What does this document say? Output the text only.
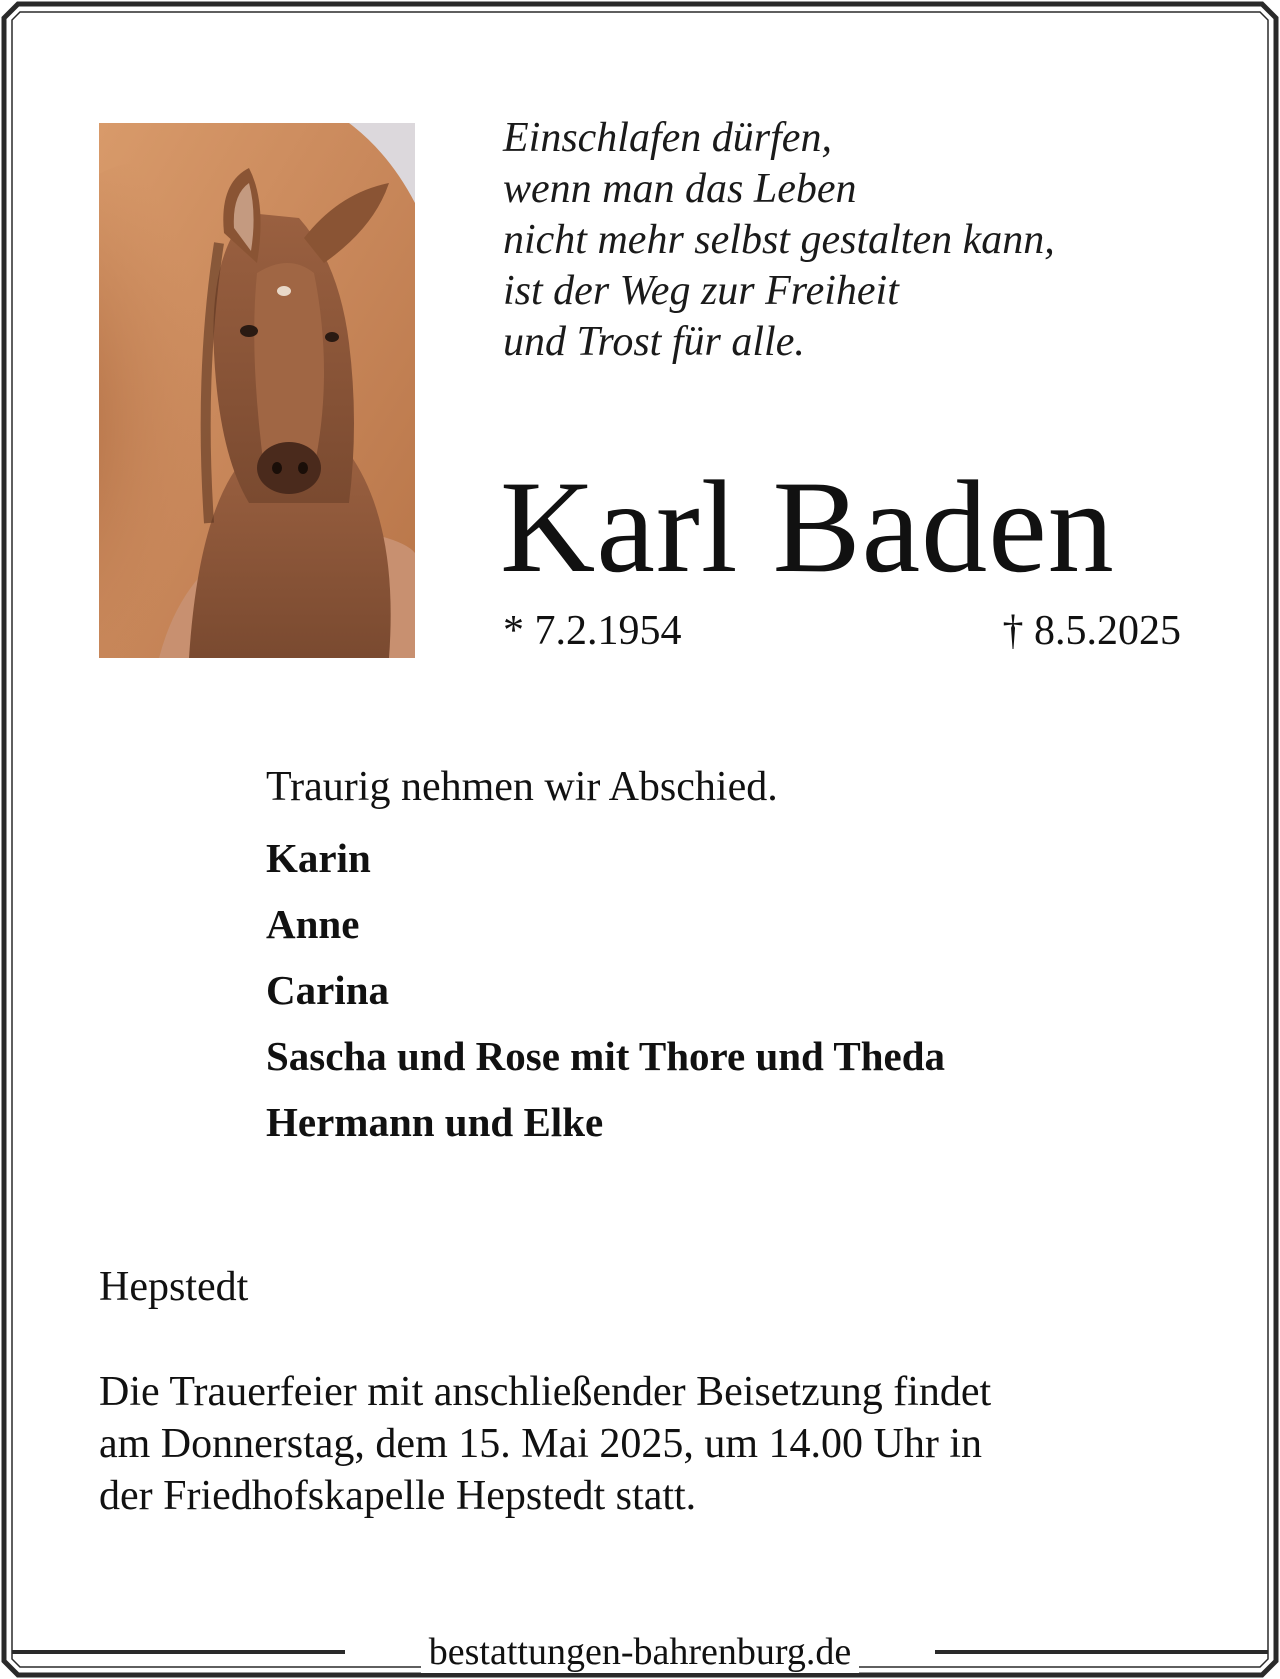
Einschlafen dürfen,
wenn man das Leben
nicht mehr selbst gestalten kann,
ist der Weg zur Freiheit
und Trost für alle.
Karl Baden
* 7.2.1954	† 8.5.2025
Traurig nehmen wir Abschied.
Karin
Anne
Carina
Sascha und Rose mit Thore und Theda
Hermann und Elke
Hepstedt
Die Trauerfeier mit anschließender Beisetzung findet
am Donnerstag, dem 15. Mai 2025, um 14.00 Uhr in
der Friedhofskapelle Hepstedt statt.
bestattungen-bahrenburg.de
